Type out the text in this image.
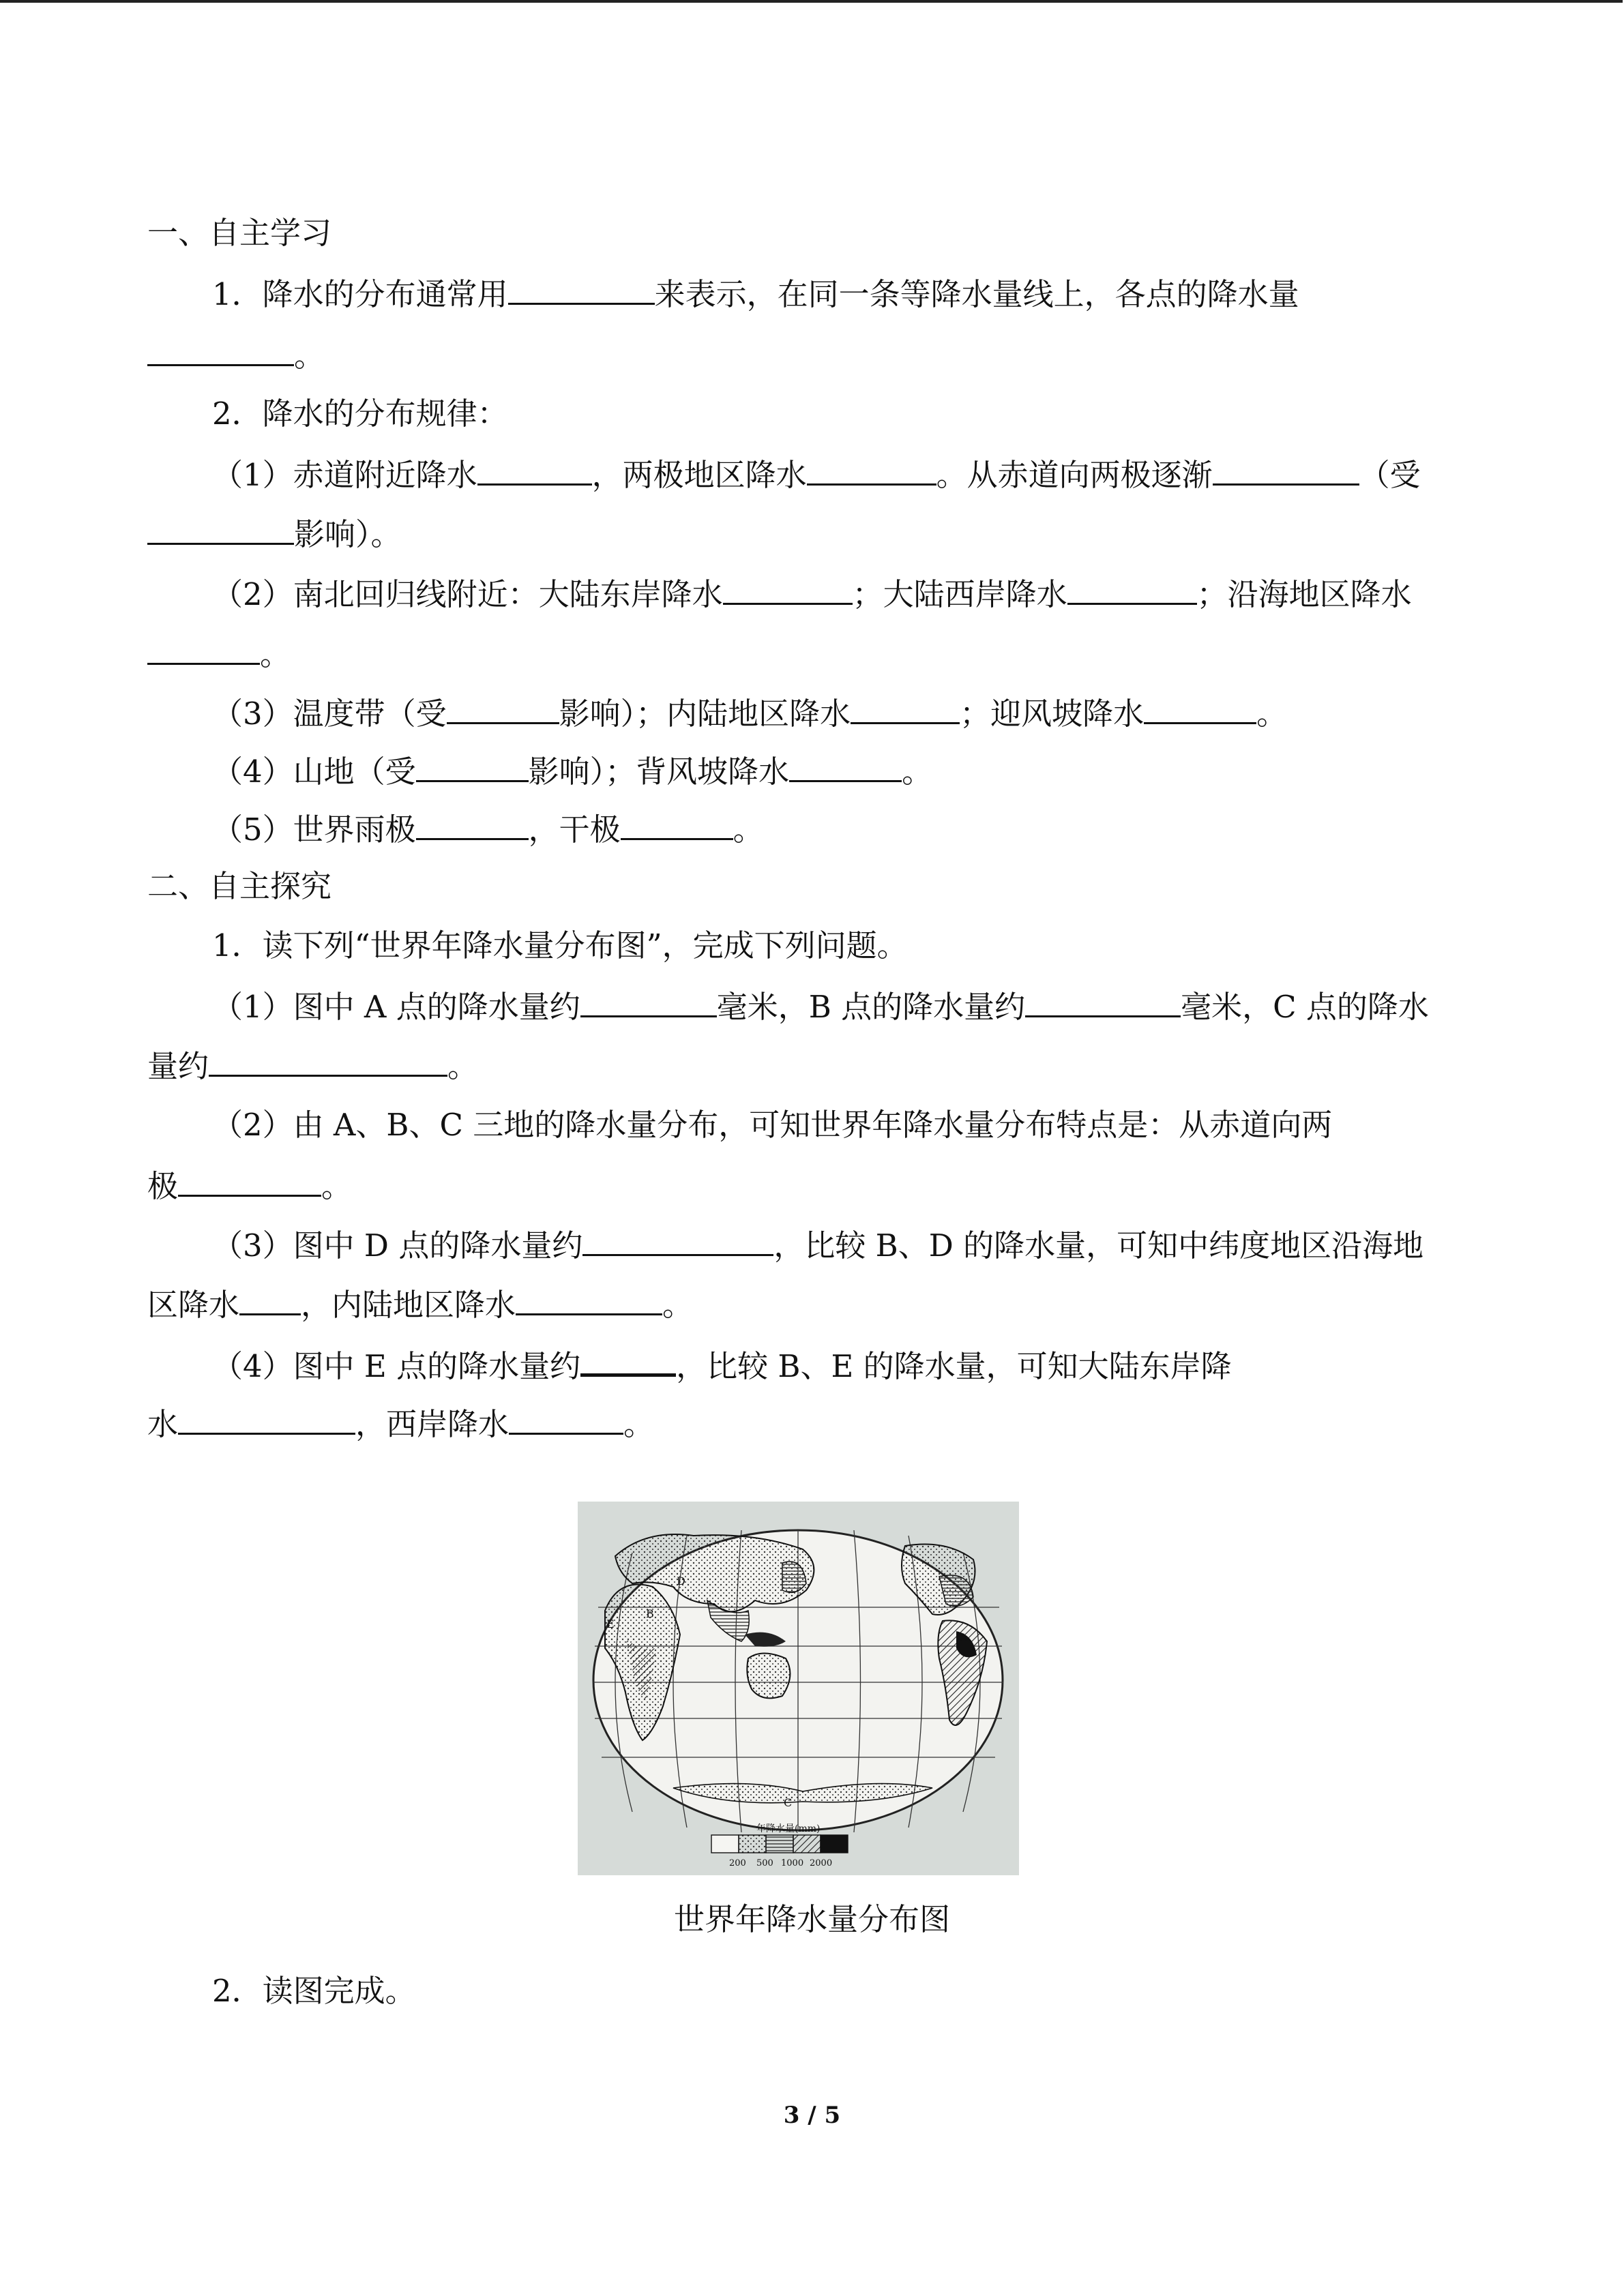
一、自主学习
1．降水的分布通常用	来表示，在同一条等降水量线上，各点的降水量
。
2．降水的分布规律：
（1）赤道附近降水	，两极地区降水	。从赤道向两极逐渐	（受
影响）。
（2）南北回归线附近：大陆东岸降水	；大陆西岸降水	；沿海地区降水
。
（3）温度带（受	影响）；内陆地区降水	；迎风坡降水	。
（4）山地（受	影响）；背风坡降水	。
（5）世界雨极	，干极	。
二、自主探究
1．读下列“世界年降水量分布图”，完成下列问题。
（1）图中 A 点的降水量约	毫米，B 点的降水量约	毫米，C 点的降水
量约	。
（2）由 A、B、C 三地的降水量分布，可知世界年降水量分布特点是：从赤道向两
极	。
（3）图中 D 点的降水量约	，比较 B、D 的降水量，可知中纬度地区沿海地
区降水 ，内陆地区降水	。
（4）图中 E 点的降水量约	，比较 B、E 的降水量，可知大陆东岸降
水	，西岸降水	。
2．读图完成。
E
D
A
B
C
年降水量(mm)
200 500 1000 2000
世界年降水量分布图
3 / 5
